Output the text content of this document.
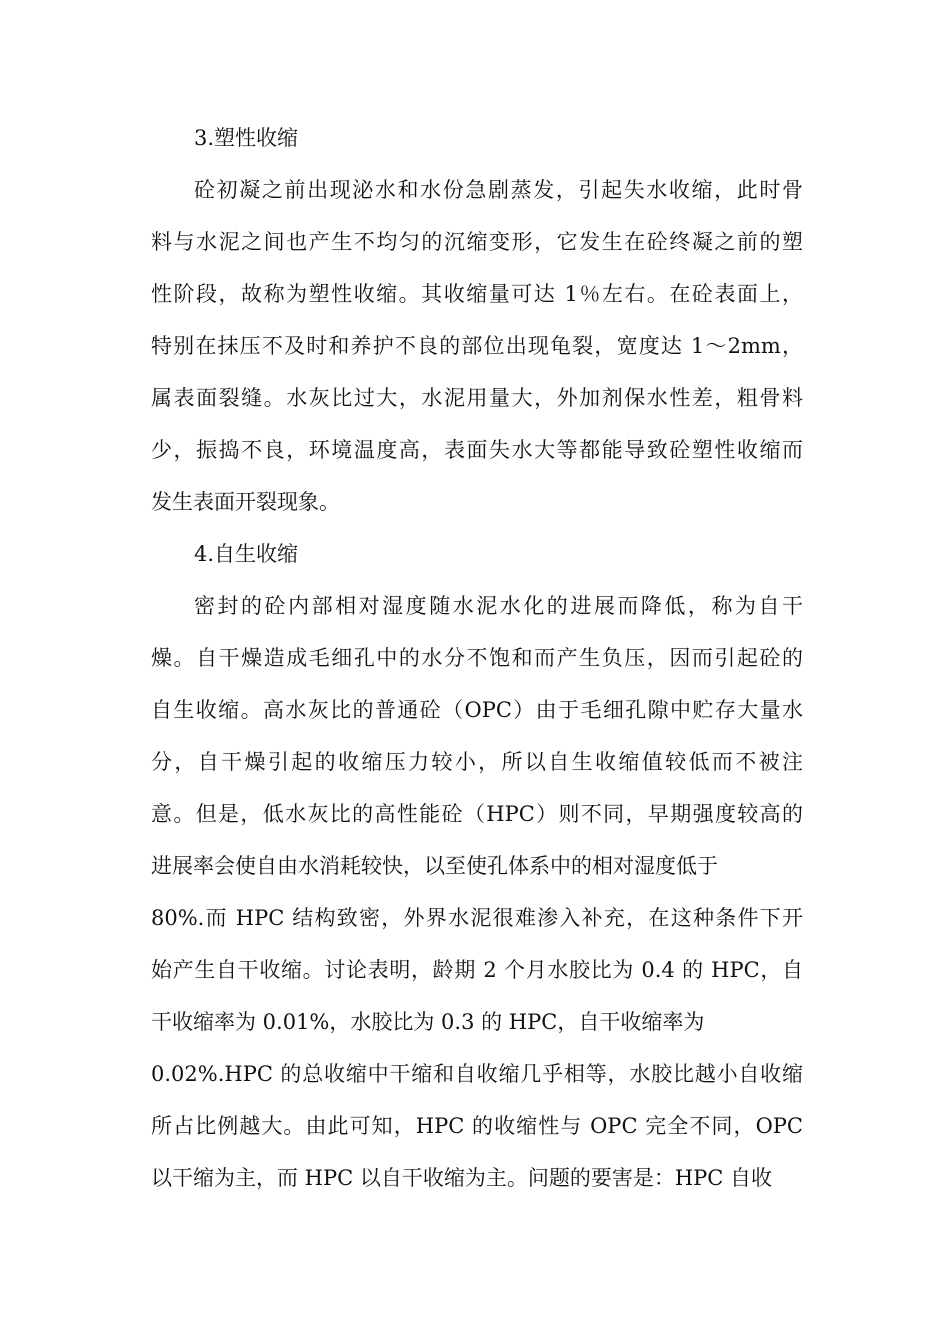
3.塑性收缩
砼初凝之前出现泌水和水份急剧蒸发，引起失水收缩，此时骨
料与水泥之间也产生不均匀的沉缩变形，它发生在砼终凝之前的塑
性阶段，故称为塑性收缩。其收缩量可达 1％左右。在砼表面上，
特别在抹压不及时和养护不良的部位出现龟裂，宽度达 1～2mm，
属表面裂缝。水灰比过大，水泥用量大，外加剂保水性差，粗骨料
少，振捣不良，环境温度高，表面失水大等都能导致砼塑性收缩而
发生表面开裂现象。
4.自生收缩
密封的砼内部相对湿度随水泥水化的进展而降低，称为自干
燥。自干燥造成毛细孔中的水分不饱和而产生负压，因而引起砼的
自生收缩。高水灰比的普通砼（OPC）由于毛细孔隙中贮存大量水
分，自干燥引起的收缩压力较小，所以自生收缩值较低而不被注
意。但是，低水灰比的高性能砼（HPC）则不同，早期强度较高的
进展率会使自由水消耗较快，以至使孔体系中的相对湿度低于
80%.而 HPC 结构致密，外界水泥很难渗入补充，在这种条件下开
始产生自干收缩。讨论表明，龄期 2 个月水胶比为 0.4 的 HPC，自
干收缩率为 0.01%，水胶比为 0.3 的 HPC，自干收缩率为
0.02%.HPC 的总收缩中干缩和自收缩几乎相等，水胶比越小自收缩
所占比例越大。由此可知，HPC 的收缩性与 OPC 完全不同，OPC
以干缩为主，而 HPC 以自干收缩为主。问题的要害是：HPC 自收
